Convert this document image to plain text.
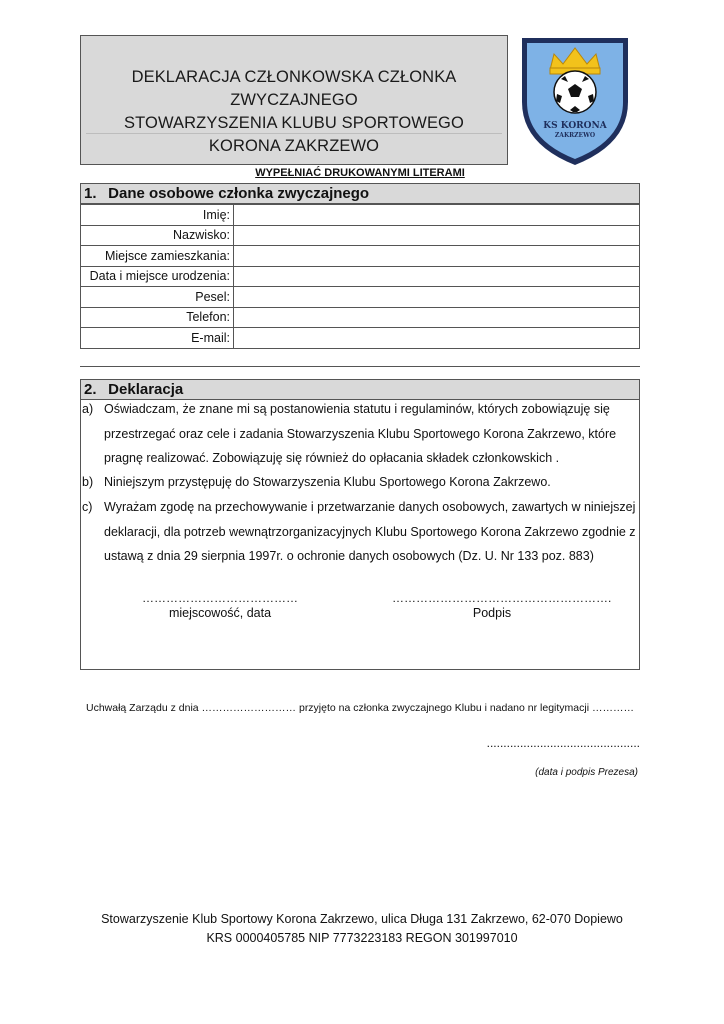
DEKLARACJA CZŁONKOWSKA CZŁONKA ZWYCZAJNEGO
STOWARZYSZENIA KLUBU SPORTOWEGO
KORONA ZAKRZEWO
KS KORONA
ZAKRZEWO
WYPEŁNIAĆ DRUKOWANYMI LITERAMI
1. Dane osobowe członka zwyczajnego
Imię:	
Nazwisko:	
Miejsce zamieszkania:	
Data i miejsce urodzenia:	
Pesel:	
Telefon:	
E-mail:	
2. Deklaracja
a) Oświadczam, że znane mi są postanowienia statutu i regulaminów, których zobowiązuję się
przestrzegać oraz cele i zadania Stowarzyszenia Klubu Sportowego Korona Zakrzewo, które
pragnę realizować. Zobowiązuję się również do opłacania składek członkowskich .
b) Niniejszym przystępuję do Stowarzyszenia Klubu Sportowego Korona Zakrzewo.
c) Wyrażam zgodę na przechowywanie i przetwarzanie danych osobowych, zawartych w niniejszej
deklaracji, dla potrzeb wewnątrzorganizacyjnych Klubu Sportowego Korona Zakrzewo zgodnie z
ustawą z dnia 29 sierpnia 1997r. o ochronie danych osobowych (Dz. U. Nr 133 poz. 883)
…………………………………
miejscowość, data
……………………………………………….
Podpis
Uchwałą Zarządu z dnia ……………………… przyjęto na członka zwyczajnego Klubu i nadano nr legitymacji …………
..............................................
(data i podpis Prezesa)
Stowarzyszenie Klub Sportowy Korona Zakrzewo, ulica Długa 131 Zakrzewo, 62-070 Dopiewo
KRS 0000405785 NIP 7773223183 REGON 301997010
